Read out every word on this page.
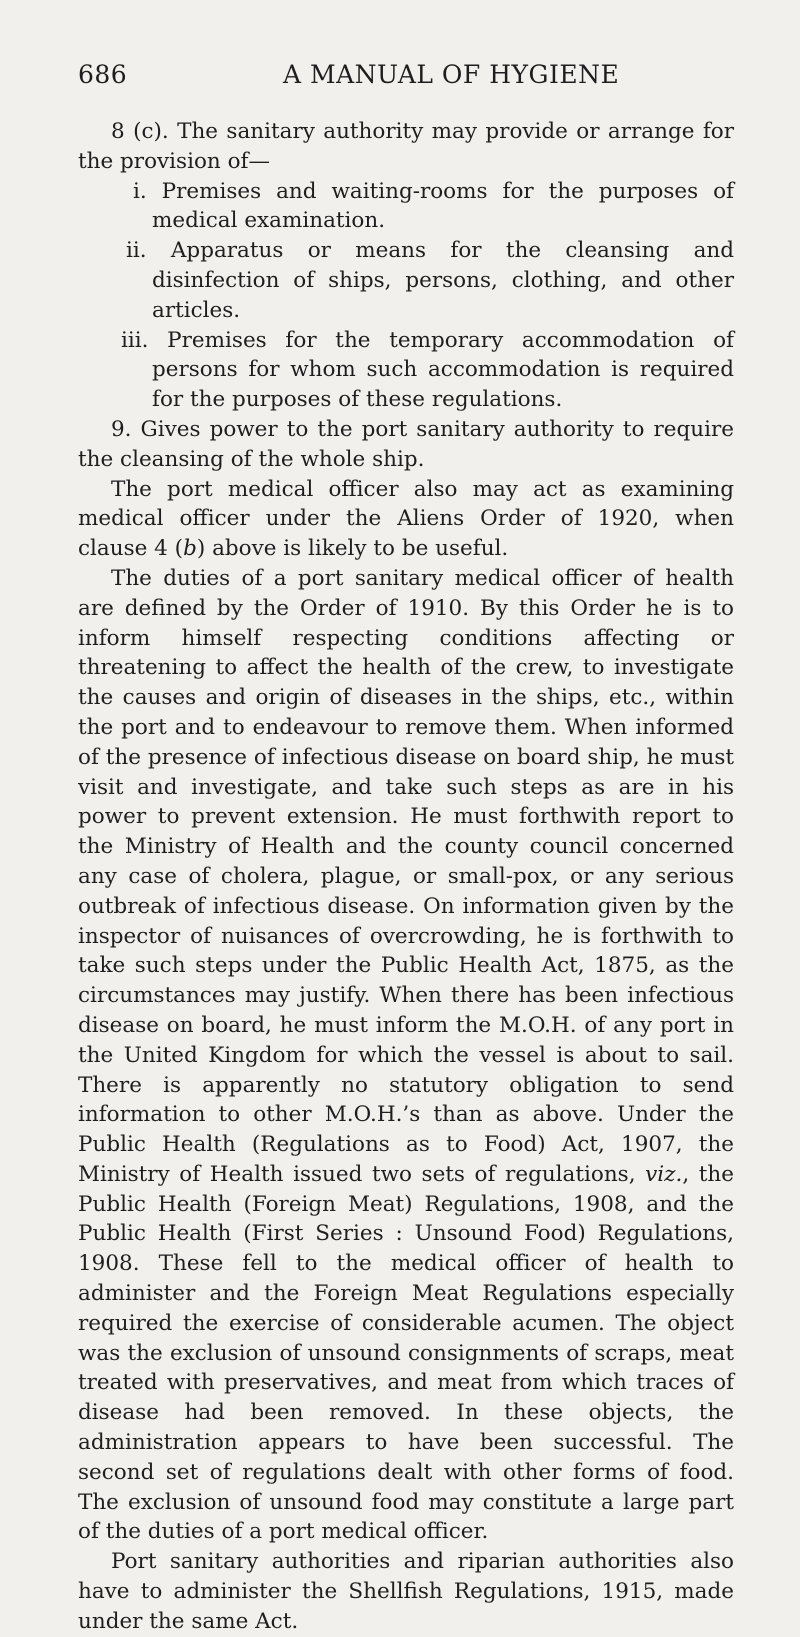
686	A MANUAL OF HYGIENE

8 (c). The sanitary authority may provide or arrange for the provision of—

i. Premises and waiting-rooms for the purposes of medical examination.

ii. Apparatus or means for the cleansing and disinfection of ships, persons, clothing, and other articles.

iii. Premises for the temporary accommodation of persons for whom such accommodation is required for the purposes of these regulations.

9. Gives power to the port sanitary authority to require the cleansing of the whole ship.

The port medical officer also may act as examining medical officer under the Aliens Order of 1920, when clause 4 (b) above is likely to be useful.

The duties of a port sanitary medical officer of health are defined by the Order of 1910. By this Order he is to inform himself respecting conditions affecting or threatening to affect the health of the crew, to investigate the causes and origin of diseases in the ships, etc., within the port and to endeavour to remove them. When informed of the presence of infectious disease on board ship, he must visit and investigate, and take such steps as are in his power to prevent extension. He must forthwith report to the Ministry of Health and the county council concerned any case of cholera, plague, or small-pox, or any serious outbreak of infectious disease. On information given by the inspector of nuisances of overcrowding, he is forthwith to take such steps under the Public Health Act, 1875, as the circumstances may justify. When there has been infectious disease on board, he must inform the M.O.H. of any port in the United Kingdom for which the vessel is about to sail. There is apparently no statutory obligation to send information to other M.O.H.’s than as above. Under the Public Health (Regulations as to Food) Act, 1907, the Ministry of Health issued two sets of regulations, viz., the Public Health (Foreign Meat) Regulations, 1908, and the Public Health (First Series : Unsound Food) Regulations, 1908. These fell to the medical officer of health to administer and the Foreign Meat Regulations especially required the exercise of considerable acumen. The object was the exclusion of unsound consignments of scraps, meat treated with preservatives, and meat from which traces of disease had been removed. In these objects, the administration appears to have been successful. The second set of regulations dealt with other forms of food. The exclusion of unsound food may constitute a large part of the duties of a port medical officer.

Port sanitary authorities and riparian authorities also have to administer the Shellfish Regulations, 1915, made under the same Act.
